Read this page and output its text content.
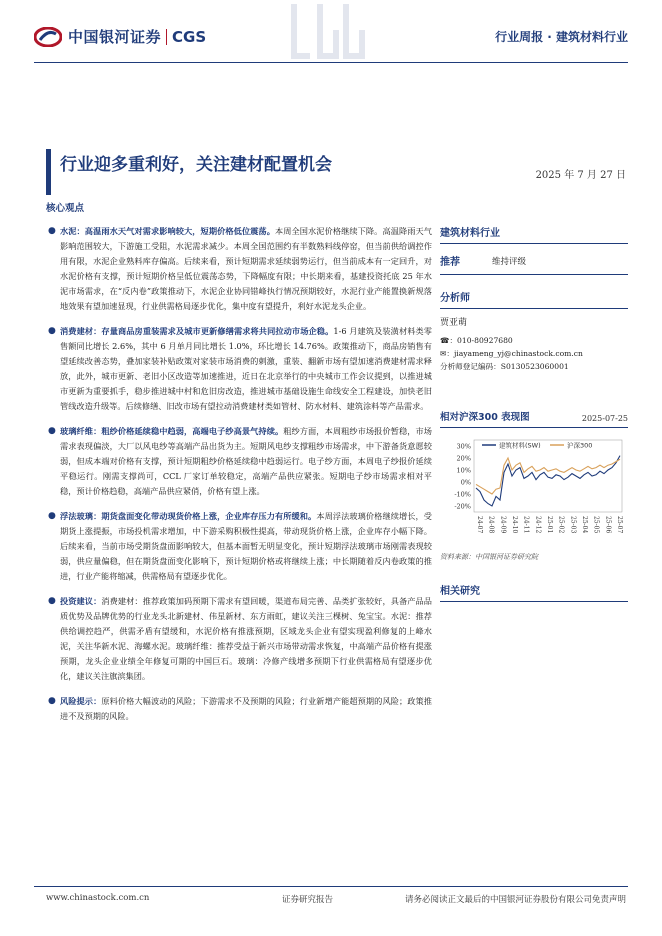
中国银河证券 CGS	行业周报 · 建筑材料行业
行业迎多重利好，关注建材配置机会
2025 年 7 月 27 日
核心观点
● 水泥：高温雨水天气对需求影响较大，短期价格低位震荡。本周全国水泥价格继续下降。高温降雨天气影响范围较大，下游施工受阻，水泥需求减少。本周全国范围约有半数熟料线停窑，但当前供给调控作用有限，水泥企业熟料库存偏高。后续来看，预计短期需求延续弱势运行，但当前成本有一定回升，对水泥价格有支撑，预计短期价格呈低位震荡态势，下降幅度有限；中长期来看，基建投资托底 25 年水泥市场需求，在“反内卷”政策推动下，水泥企业协同错峰执行情况预期较好，水泥行业产能置换新规落地效果有望加速显现，行业供需格局逐步优化，集中度有望提升，利好水泥龙头企业。

● 消费建材：存量商品房重装需求及城市更新修缮需求将共同拉动市场企稳。1-6 月建筑及装潢材料类零售额同比增长 2.6%，其中 6 月单月同比增长 1.0%，环比增长 14.76%。政策推动下，商品房销售有望延续改善态势，叠加家装补贴政策对家装市场消费的刺激，重装、翻新市场有望加速消费建材需求释放，此外，城市更新、老旧小区改造等加速推进，近日在北京举行的中央城市工作会议提到，以推进城市更新为重要抓手，稳步推进城中村和危旧房改造，推进城市基础设施生命线安全工程建设，加快老旧管线改造升级等。后续修缮、旧改市场有望拉动消费建材类如管材、防水材料、建筑涂料等产品需求。

● 玻璃纤维：粗纱价格延续稳中趋弱，高端电子纱高景气持续。粗纱方面，本周粗纱市场报价暂稳，市场需求表现偏淡，大厂以风电纱等高端产品出货为主。短期风电纱支撑粗纱市场需求，中下游备货意愿较弱，但成本端对价格有支撑，预计短期粗纱价格延续稳中趋弱运行。电子纱方面，本周电子纱报价延续平稳运行。刚需支撑尚可，CCL 厂家订单较稳定，高端产品供应紧张。短期电子纱市场需求相对平稳，预计价格趋稳，高端产品供应紧俏，价格有望上涨。

● 浮法玻璃：期货盘面变化带动现货价格上涨，企业库存压力有所缓和。本周浮法玻璃价格继续增长，受期货上涨提振，市场投机需求增加，中下游采购积极性提高，带动现货价格上涨，企业库存小幅下降。后续来看，当前市场受期货盘面影响较大，但基本面暂无明显变化，预计短期浮法玻璃市场刚需表现较弱，供应量偏稳，但在期货盘面变化影响下，预计短期价格或将继续上涨；中长期随着反内卷政策的推进，行业产能将缩减，供需格局有望逐步优化。

● 投资建议：消费建材：推荐政策加码预期下需求有望回暖，渠道布局完善、品类扩张较好，具备产品品质优势及品牌优势的行业龙头北新建材、伟星新材、东方雨虹，建议关注三棵树、兔宝宝。水泥：推荐供给调控趋严，供需矛盾有望缓和，水泥价格有推涨预期，区域龙头企业有望实现盈利修复的上峰水泥，关注华新水泥、海螺水泥。玻璃纤维：推荐受益于新兴市场带动需求恢复，中高端产品价格有提涨预期，龙头企业业绩全年修复可期的中国巨石。玻璃：冷修产线增多预期下行业供需格局有望逐步优化，建议关注旗滨集团。

● 风险提示：原料价格大幅波动的风险；下游需求不及预期的风险；行业新增产能超预期的风险；政策推进不及预期的风险。

建筑材料行业
推荐	维持评级
分析师
贾亚萌
☎：010-80927680
✉：jiayameng_yj@chinastock.com.cn
分析师登记编码：S0130523060001
相对沪深300 表现图	2025-07-25
30%
20%
10%
0%
-10%
-20%
24-07 24-08 24-09 24-10 24-11 24-12 25-01 25-02 25-03 25-04 25-05 25-06 25-07
建筑材料(SW)	沪深300
资料来源：中国银河证券研究院
相关研究
www.chinastock.com.cn	证券研究报告	请务必阅读正文最后的中国银河证券股份有限公司免责声明
